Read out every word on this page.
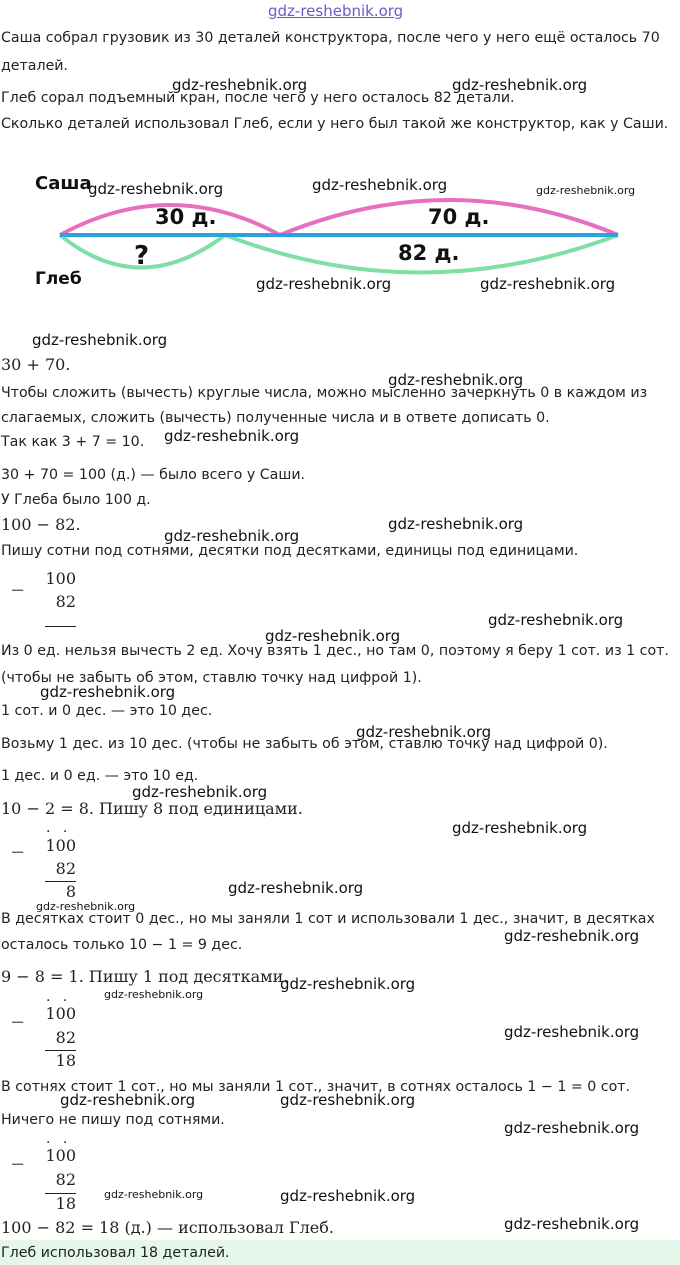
gdz-reshebnik.org
Саша собрал грузовик из 30 деталей конструктора, после чего у него ещё осталось 70
деталей.
Глеб сорал подъемный кран, после чего у него осталось 82 детали.
Сколько деталей использовал Глеб, если у него был такой же конструктор, как у Саши.
gdz-reshebnik.org	gdz-reshebnik.org
Саша
Глеб
30 д.	70 д.
82 д.
?
gdz-reshebnik.org	gdz-reshebnik.org	gdz-reshebnik.org
gdz-reshebnik.org	gdz-reshebnik.org
gdz-reshebnik.org
30 + 70.
gdz-reshebnik.org
Чтобы сложить (вычесть) круглые числа, можно мысленно зачеркнуть 0 в каждом из
слагаемых, сложить (вычесть) полученные числа и в ответе дописать 0.
Так как 3 + 7 = 10. gdz-reshebnik.org
30 + 70 = 100 (д.) — было всего у Саши.
У Глеба было 100 д.
100 − 82.
gdz-reshebnik.org
gdz-reshebnik.org
Пишу сотни под сотнями, десятки под десятками, единицы под единицами.
−
100
82
gdz-reshebnik.org
gdz-reshebnik.org
Из 0 ед. нельзя вычесть 2 ед. Хочу взять 1 дес., но там 0, поэтому я беру 1 сот. из 1 сот.
(чтобы не забыть об этом, ставлю точку над цифрой 1).
gdz-reshebnik.org
1 сот. и 0 дес. — это 10 дес.
gdz-reshebnik.org
Возьму 1 дес. из 10 дес. (чтобы не забыть об этом, ставлю точку над цифрой 0).
1 дес. и 0 ед. — это 10 ед.
gdz-reshebnik.org
10 − 2 = 8. Пишу 8 под единицами.
gdz-reshebnik.org
. .
−	100
82
8	gdz-reshebnik.org
gdz-reshebnik.org
В десятках стоит 0 дес., но мы заняли 1 сот и использовали 1 дес., значит, в десятках
осталось только 10 − 1 = 9 дес.	gdz-reshebnik.org
9 − 8 = 1. Пишу 1 под десятками.
gdz-reshebnik.org
gdz-reshebnik.org
. .
−	100
82
18
gdz-reshebnik.org
В сотнях стоит 1 сот., но мы заняли 1 сот., значит, в сотнях осталось 1 − 1 = 0 сот.
gdz-reshebnik.org	gdz-reshebnik.org
Ничего не пишу под сотнями.	gdz-reshebnik.org
. .
−	100
82
18	gdz-reshebnik.org	gdz-reshebnik.org
100 − 82 = 18 (д.) — использовал Глеб.	gdz-reshebnik.org
Глеб использовал 18 деталей.
